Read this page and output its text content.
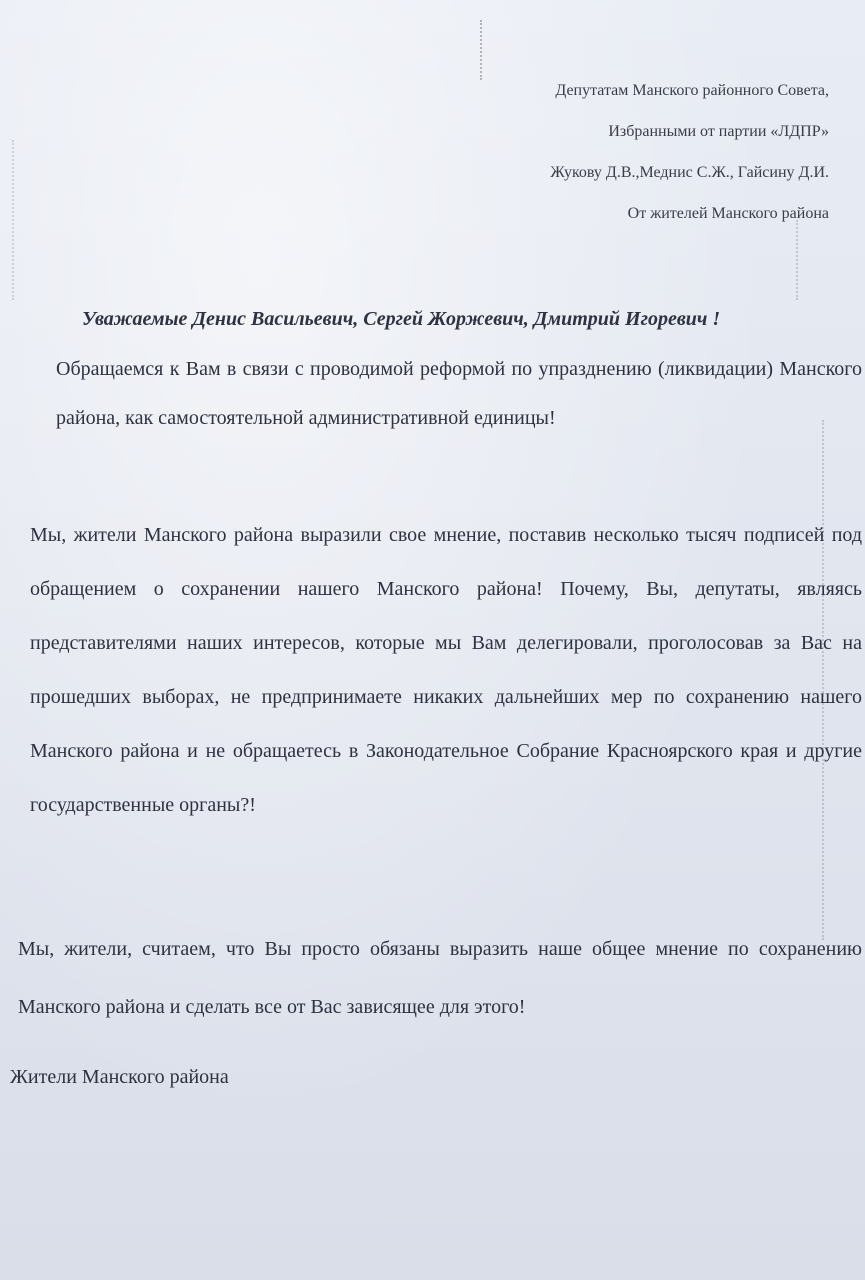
Депутатам Манского районного Совета,
Избранными от партии «ЛДПР»
Жукову Д.В.,Меднис С.Ж., Гайсину Д.И.
От жителей Манского района
Уважаемые Денис Васильевич, Сергей Жоржевич, Дмитрий Игоревич !
Обращаемся к Вам в связи с проводимой реформой по упразднению (ликвидации) Манского района, как самостоятельной административной единицы!
Мы, жители Манского района выразили свое мнение, поставив несколько тысяч подписей под обращением о сохранении нашего Манского района! Почему, Вы, депутаты, являясь представителями наших интересов, которые мы Вам делегировали, проголосовав за Вас на прошедших выборах, не предпринимаете никаких дальнейших мер по сохранению нашего Манского района и не обращаетесь в Законодательное Собрание Красноярского края и другие государственные органы?!
Мы, жители, считаем, что Вы просто обязаны выразить наше общее мнение по сохранению Манского района и сделать все от Вас зависящее для этого!
Жители Манского района
